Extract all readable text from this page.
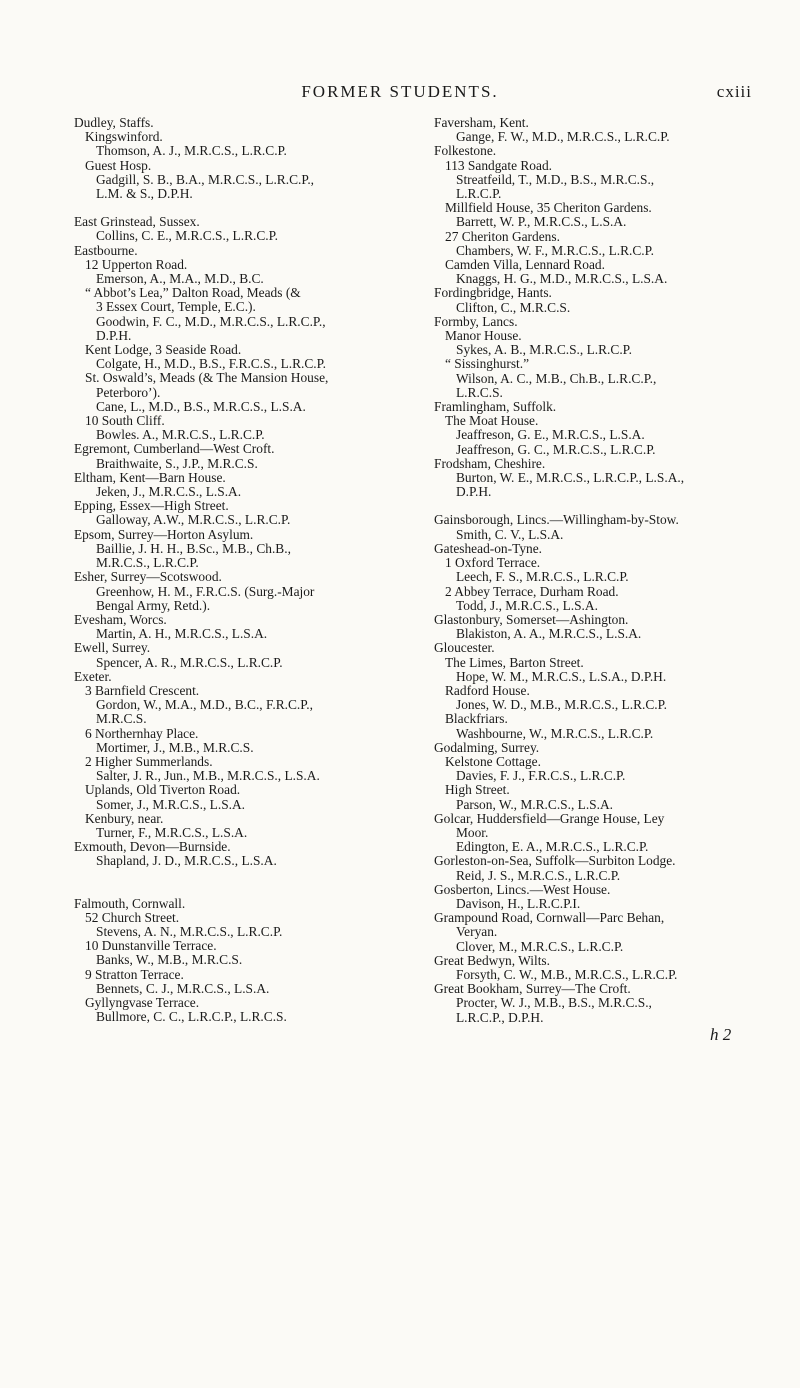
FORMER STUDENTS.	cxiii
Dudley, Staffs.
Kingswinford.
Thomson, A. J., M.R.C.S., L.R.C.P.
Guest Hosp.
Gadgill, S. B., B.A., M.R.C.S., L.R.C.P.,
L.M. & S., D.P.H.
East Grinstead, Sussex.
Collins, C. E., M.R.C.S., L.R.C.P.
Eastbourne.
12 Upperton Road.
Emerson, A., M.A., M.D., B.C.
“ Abbot’s Lea,” Dalton Road, Meads (&
3 Essex Court, Temple, E.C.).
Goodwin, F. C., M.D., M.R.C.S., L.R.C.P.,
D.P.H.
Kent Lodge, 3 Seaside Road.
Colgate, H., M.D., B.S., F.R.C.S., L.R.C.P.
St. Oswald’s, Meads (& The Mansion House,
Peterboro’).
Cane, L., M.D., B.S., M.R.C.S., L.S.A.
10 South Cliff.
Bowles. A., M.R.C.S., L.R.C.P.
Egremont, Cumberland—West Croft.
Braithwaite, S., J.P., M.R.C.S.
Eltham, Kent—Barn House.
Jeken, J., M.R.C.S., L.S.A.
Epping, Essex—High Street.
Galloway, A.W., M.R.C.S., L.R.C.P.
Epsom, Surrey—Horton Asylum.
Baillie, J. H. H., B.Sc., M.B., Ch.B.,
M.R.C.S., L.R.C.P.
Esher, Surrey—Scotswood.
Greenhow, H. M., F.R.C.S. (Surg.-Major
Bengal Army, Retd.).
Evesham, Worcs.
Martin, A. H., M.R.C.S., L.S.A.
Ewell, Surrey.
Spencer, A. R., M.R.C.S., L.R.C.P.
Exeter.
3 Barnfield Crescent.
Gordon, W., M.A., M.D., B.C., F.R.C.P.,
M.R.C.S.
6 Northernhay Place.
Mortimer, J., M.B., M.R.C.S.
2 Higher Summerlands.
Salter, J. R., Jun., M.B., M.R.C.S., L.S.A.
Uplands, Old Tiverton Road.
Somer, J., M.R.C.S., L.S.A.
Kenbury, near.
Turner, F., M.R.C.S., L.S.A.
Exmouth, Devon—Burnside.
Shapland, J. D., M.R.C.S., L.S.A.
Falmouth, Cornwall.
52 Church Street.
Stevens, A. N., M.R.C.S., L.R.C.P.
10 Dunstanville Terrace.
Banks, W., M.B., M.R.C.S.
9 Stratton Terrace.
Bennets, C. J., M.R.C.S., L.S.A.
Gyllyngvase Terrace.
Bullmore, C. C., L.R.C.P., L.R.C.S.
Faversham, Kent.
Gange, F. W., M.D., M.R.C.S., L.R.C.P.
Folkestone.
113 Sandgate Road.
Streatfeild, T., M.D., B.S., M.R.C.S.,
L.R.C.P.
Millfield House, 35 Cheriton Gardens.
Barrett, W. P., M.R.C.S., L.S.A.
27 Cheriton Gardens.
Chambers, W. F., M.R.C.S., L.R.C.P.
Camden Villa, Lennard Road.
Knaggs, H. G., M.D., M.R.C.S., L.S.A.
Fordingbridge, Hants.
Clifton, C., M.R.C.S.
Formby, Lancs.
Manor House.
Sykes, A. B., M.R.C.S., L.R.C.P.
“ Sissinghurst.”
Wilson, A. C., M.B., Ch.B., L.R.C.P.,
L.R.C.S.
Framlingham, Suffolk.
The Moat House.
Jeaffreson, G. E., M.R.C.S., L.S.A.
Jeaffreson, G. C., M.R.C.S., L.R.C.P.
Frodsham, Cheshire.
Burton, W. E., M.R.C.S., L.R.C.P., L.S.A.,
D.P.H.
Gainsborough, Lincs.—Willingham-by-Stow.
Smith, C. V., L.S.A.
Gateshead-on-Tyne.
1 Oxford Terrace.
Leech, F. S., M.R.C.S., L.R.C.P.
2 Abbey Terrace, Durham Road.
Todd, J., M.R.C.S., L.S.A.
Glastonbury, Somerset—Ashington.
Blakiston, A. A., M.R.C.S., L.S.A.
Gloucester.
The Limes, Barton Street.
Hope, W. M., M.R.C.S., L.S.A., D.P.H.
Radford House.
Jones, W. D., M.B., M.R.C.S., L.R.C.P.
Blackfriars.
Washbourne, W., M.R.C.S., L.R.C.P.
Godalming, Surrey.
Kelstone Cottage.
Davies, F. J., F.R.C.S., L.R.C.P.
High Street.
Parson, W., M.R.C.S., L.S.A.
Golcar, Huddersfield—Grange House, Ley
Moor.
Edington, E. A., M.R.C.S., L.R.C.P.
Gorleston-on-Sea, Suffolk—Surbiton Lodge.
Reid, J. S., M.R.C.S., L.R.C.P.
Gosberton, Lincs.—West House.
Davison, H., L.R.C.P.I.
Grampound Road, Cornwall—Parc Behan,
Veryan.
Clover, M., M.R.C.S., L.R.C.P.
Great Bedwyn, Wilts.
Forsyth, C. W., M.B., M.R.C.S., L.R.C.P.
Great Bookham, Surrey—The Croft.
Procter, W. J., M.B., B.S., M.R.C.S.,
L.R.C.P., D.P.H.
h 2
